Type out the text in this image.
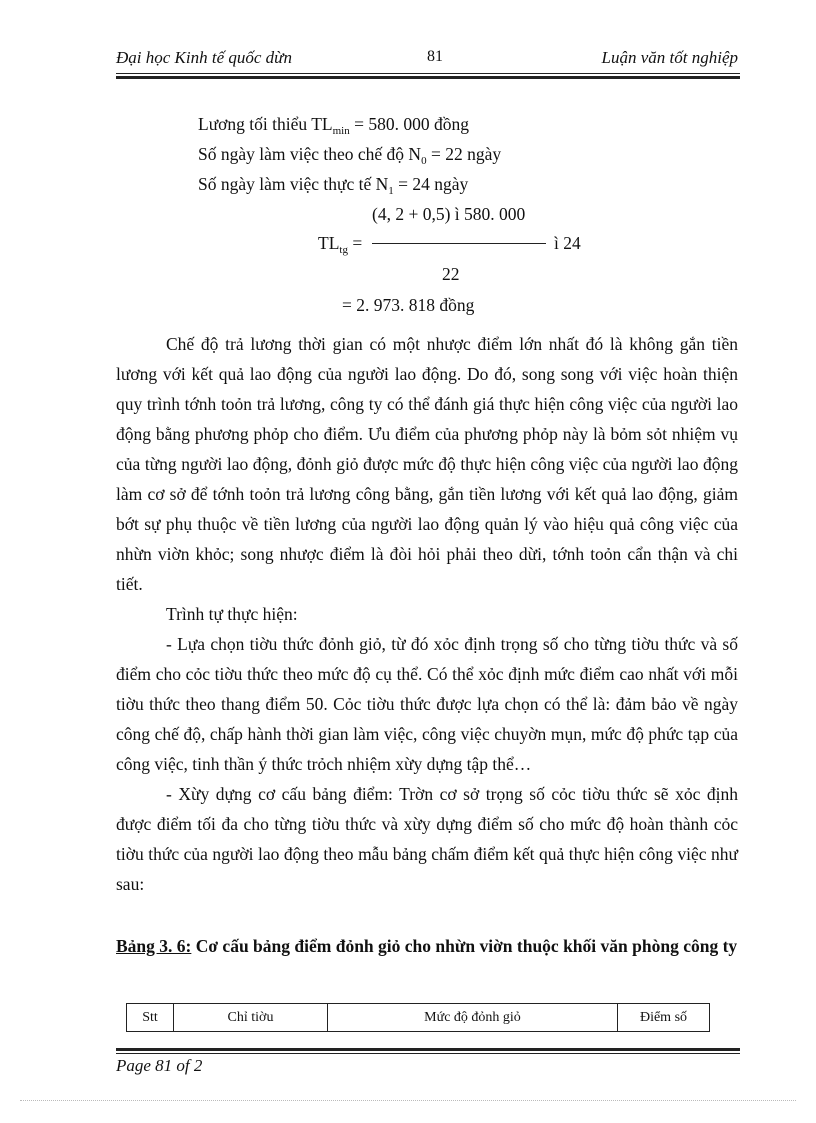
Đại học Kinh tế quốc dừn	81	Luận văn tốt nghiệp
Lương tối thiểu $TL_{min} = 580$. 000 đồng
Số ngày làm việc theo chế độ $N_0 = 22$ ngày
Số ngày làm việc thực tế $N_1 = 24$ ngày
(4, 2 + 0,5) ì 580. 000
$TL_{tg}$ =	ì 24
22
= 2. 973. 818 đồng

Chế độ trả lương thời gian có một nhược điểm lớn nhất đó là không gắn tiền lương với kết quả lao động của người lao động. Do đó, song song với việc hoàn thiện quy trình tớnh toỏn trả lương, công ty có thể đánh giá thực hiện công việc của người lao động bằng phương phỏp cho điểm. Ưu điểm của phương phỏp này là bỏm sỏt nhiệm vụ của từng người lao động, đỏnh giỏ được mức độ thực hiện công việc của người lao động làm cơ sở để tớnh toỏn trả lương công bằng, gắn tiền lương với kết quả lao động, giảm bớt sự phụ thuộc về tiền lương của người lao động quản lý vào hiệu quả công việc của nhừn viờn khỏc; song nhược điểm là đòi hỏi phải theo dừi, tớnh toỏn cẩn thận và chi tiết.

Trình tự thực hiện:

- Lựa chọn tiờu thức đỏnh giỏ, từ đó xỏc định trọng số cho từng tiờu thức và số điểm cho cỏc tiờu thức theo mức độ cụ thể. Có thể xỏc định mức điểm cao nhất với mỗi tiờu thức theo thang điểm 50. Cỏc tiờu thức được lựa chọn có thể là: đảm bảo về ngày công chế độ, chấp hành thời gian làm việc, công việc chuyờn mụn, mức độ phức tạp của công việc, tinh thần ý thức trỏch nhiệm xừy dựng tập thể…

- Xừy dựng cơ cấu bảng điểm: Trờn cơ sở trọng số cỏc tiờu thức sẽ xỏc định được điểm tối đa cho từng tiờu thức và xừy dựng điểm số cho mức độ hoàn thành cỏc tiờu thức của người lao động theo mẫu bảng chấm điểm kết quả thực hiện công việc như sau:

Bảng 3. 6: Cơ cấu bảng điểm đỏnh giỏ cho nhừn viờn thuộc khối văn phòng công ty
Stt	Chỉ tiờu	Mức độ đỏnh giỏ	Điểm số
Page 81 of 2
